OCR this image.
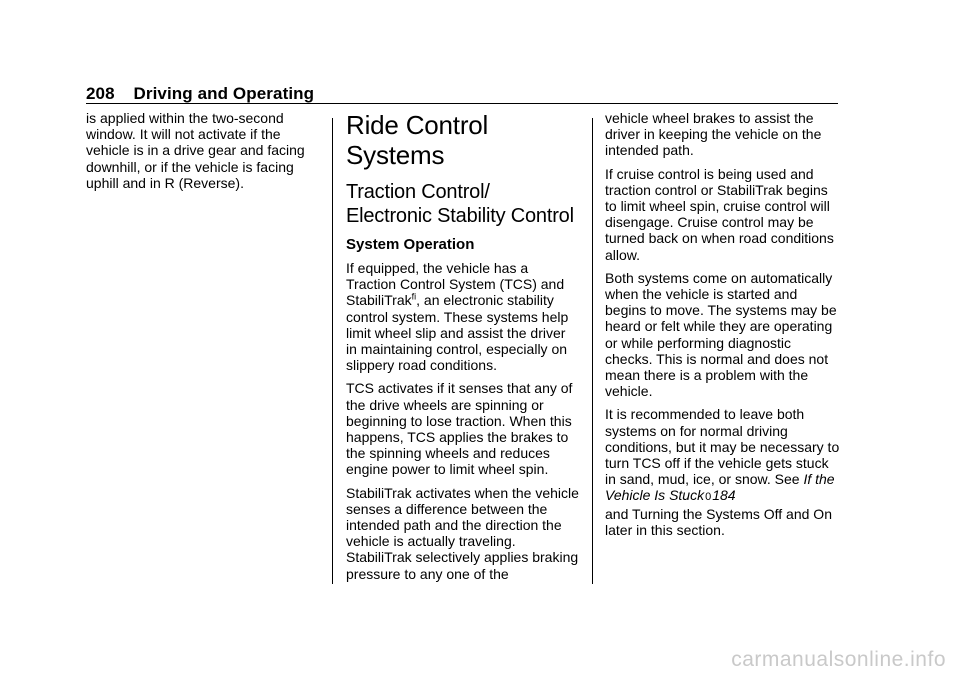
208 Driving and Operating

is applied within the two-second window. It will not activate if the vehicle is in a drive gear and facing downhill, or if the vehicle is facing uphill and in R (Reverse).

Ride Control Systems
Traction Control/ Electronic Stability Control
System Operation

If equipped, the vehicle has a Traction Control System (TCS) and StabiliTrak$^{fi}$, an electronic stability control system. These systems help limit wheel slip and assist the driver in maintaining control, especially on slippery road conditions.

TCS activates if it senses that any of the drive wheels are spinning or beginning to lose traction. When this happens, TCS applies the brakes to the spinning wheels and reduces engine power to limit wheel spin.

StabiliTrak activates when the vehicle senses a difference between the intended path and the direction the vehicle is actually traveling. StabiliTrak selectively applies braking pressure to any one of the

vehicle wheel brakes to assist the driver in keeping the vehicle on the intended path.

If cruise control is being used and traction control or StabiliTrak begins to limit wheel spin, cruise control will disengage. Cruise control may be turned back on when road conditions allow.

Both systems come on automatically when the vehicle is started and begins to move. The systems may be heard or felt while they are operating or while performing diagnostic checks. This is normal and does not mean there is a problem with the vehicle.

It is recommended to leave both systems on for normal driving conditions, but it may be necessary to turn TCS off if the vehicle gets stuck in sand, mud, ice, or snow. See If the Vehicle Is Stuck0184
and Turning the Systems Off and On later in this section.

carmanualsonline.info
